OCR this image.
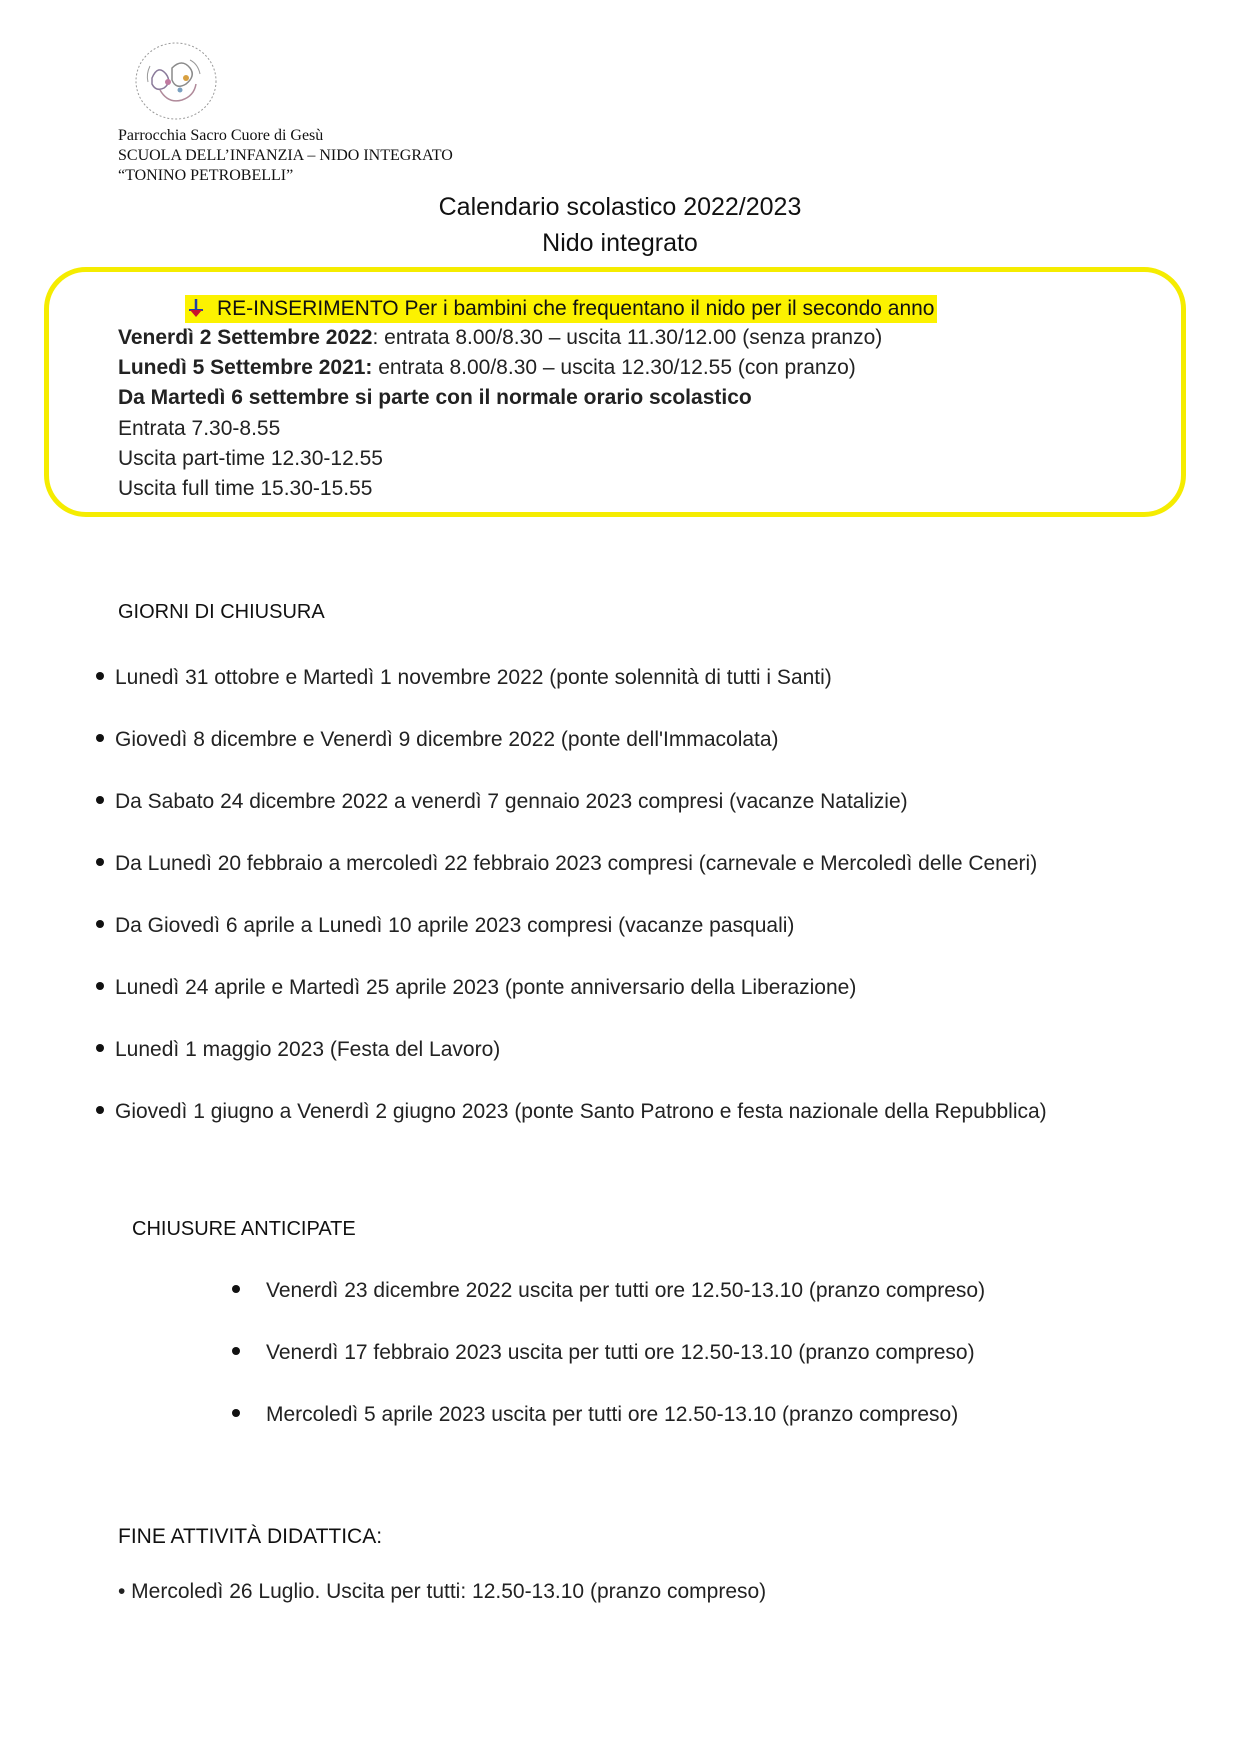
Parrocchia Sacro Cuore di Gesù
SCUOLA DELL’INFANZIA – NIDO INTEGRATO
“TONINO PETROBELLI”
Calendario scolastico 2022/2023
Nido integrato
RE-INSERIMENTO Per i bambini che frequentano il nido per il secondo anno
Venerdì 2 Settembre 2022: entrata 8.00/8.30 – uscita 11.30/12.00 (senza pranzo)
Lunedì 5 Settembre 2021: entrata 8.00/8.30 – uscita 12.30/12.55 (con pranzo)
Da Martedì 6 settembre si parte con il normale orario scolastico
Entrata 7.30-8.55
Uscita part-time 12.30-12.55
Uscita full time 15.30-15.55
GIORNI DI CHIUSURA
Lunedì 31 ottobre e Martedì 1 novembre 2022 (ponte solennità di tutti i Santi)
Giovedì 8 dicembre e Venerdì 9 dicembre 2022 (ponte dell'Immacolata)
Da Sabato 24 dicembre 2022 a venerdì 7 gennaio 2023 compresi (vacanze Natalizie)
Da Lunedì 20 febbraio a mercoledì 22 febbraio 2023 compresi (carnevale e Mercoledì delle Ceneri)
Da Giovedì 6 aprile a Lunedì 10 aprile 2023 compresi (vacanze pasquali)
Lunedì 24 aprile e Martedì 25 aprile 2023 (ponte anniversario della Liberazione)
Lunedì 1 maggio 2023 (Festa del Lavoro)
Giovedì 1 giugno a Venerdì 2 giugno 2023 (ponte Santo Patrono e festa nazionale della Repubblica)
CHIUSURE ANTICIPATE
Venerdì 23 dicembre 2022 uscita per tutti ore 12.50-13.10 (pranzo compreso)
Venerdì 17 febbraio 2023 uscita per tutti ore 12.50-13.10 (pranzo compreso)
Mercoledì 5 aprile 2023 uscita per tutti ore 12.50-13.10 (pranzo compreso)
FINE ATTIVITÀ DIDATTICA:
• Mercoledì 26 Luglio. Uscita per tutti: 12.50-13.10 (pranzo compreso)
